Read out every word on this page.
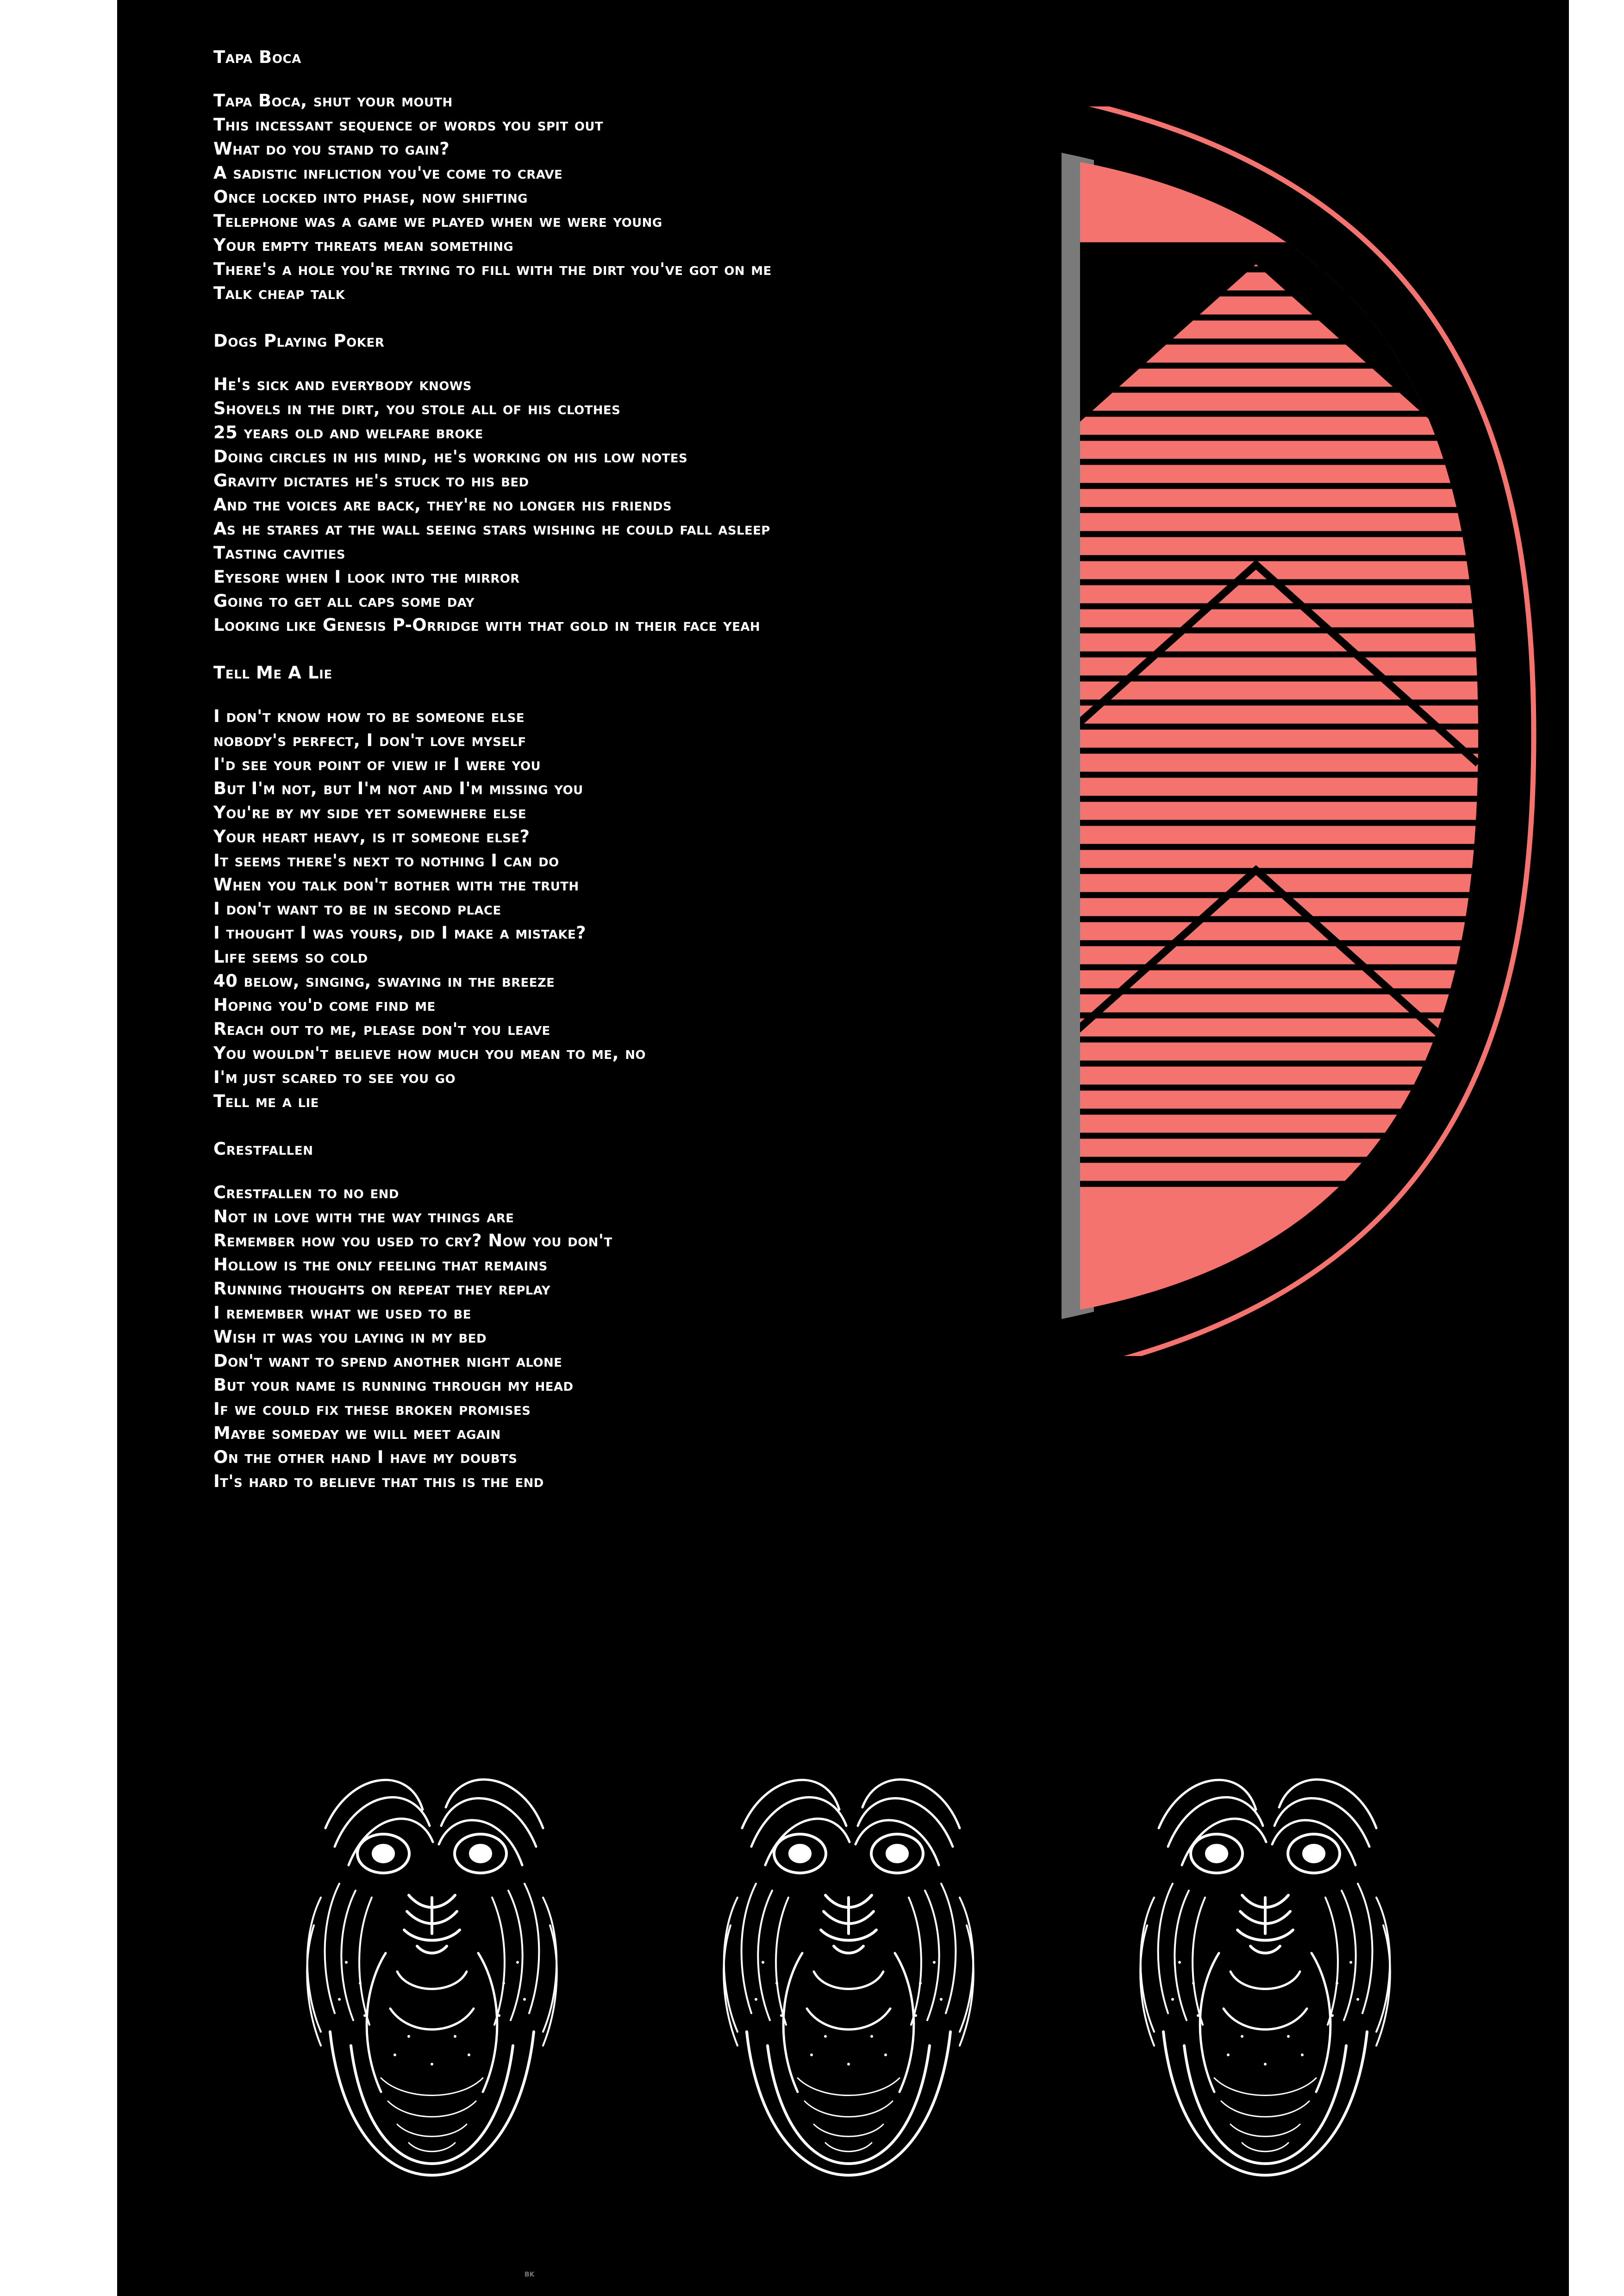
Tapa Boca
Tapa Boca, shut your mouth
This incessant sequence of words you spit out
What do you stand to gain?
A sadistic infliction you've come to crave
Once locked into phase, now shifting
Telephone was a game we played when we were young
Your empty threats mean something
There's a hole you're trying to fill with the dirt you've got on me
Talk cheap talk
Dogs Playing Poker
He's sick and everybody knows
Shovels in the dirt, you stole all of his clothes
25 years old and welfare broke
Doing circles in his mind, he's working on his low notes
Gravity dictates he's stuck to his bed
And the voices are back, they're no longer his friends
As he stares at the wall seeing stars wishing he could fall asleep
Tasting cavities
Eyesore when I look into the mirror
Going to get all caps some day
Looking like Genesis P-Orridge with that gold in their face yeah
Tell Me A Lie
I don't know how to be someone else
nobody's perfect, I don't love myself
I'd see your point of view if I were you
But I'm not, but I'm not and I'm missing you
You're by my side yet somewhere else
Your heart heavy, is it someone else?
It seems there's next to nothing I can do
When you talk don't bother with the truth
I don't want to be in second place
I thought I was yours, did I make a mistake?
Life seems so cold
40 below, singing, swaying in the breeze
Hoping you'd come find me
Reach out to me, please don't you leave
You wouldn't believe how much you mean to me, no
I'm just scared to see you go
Tell me a lie
Crestfallen
Crestfallen to no end
Not in love with the way things are
Remember how you used to cry? Now you don't
Hollow is the only feeling that remains
Running thoughts on repeat they replay
I remember what we used to be
Wish it was you laying in my bed
Don't want to spend another night alone
But your name is running through my head
If we could fix these broken promises
Maybe someday we will meet again
On the other hand I have my doubts
It's hard to believe that this is the end
bk
